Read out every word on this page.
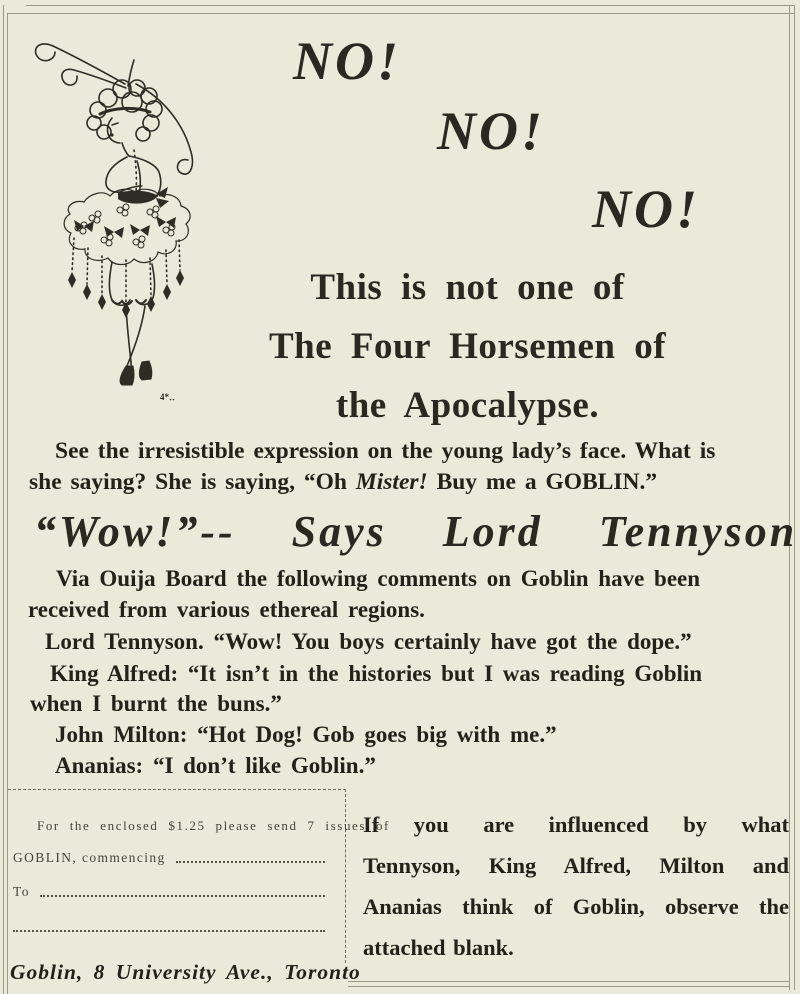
4*‥
NO!
NO!
NO!
This is not one of
The Four Horsemen of
the Apocalypse.
See the irresistible expression on the young lady’s face. What is
she saying? She is saying, “Oh Mister! Buy me a GOBLIN.”
“Wow!”-- Says Lord Tennyson
Via Ouija Board the following comments on Goblin have been
received from various ethereal regions.
Lord Tennyson. “Wow! You boys certainly have got the dope.”
King Alfred: “It isn’t in the histories but I was reading Goblin
when I burnt the buns.”
John Milton: “Hot Dog! Gob goes big with me.”
Ananias: “I don’t like Goblin.”
For the enclosed $1.25 please send 7 issues of
GOBLIN, commencing
To
Goblin, 8 University Ave., Toronto
If you are influenced by what
Tennyson, King Alfred, Milton and
Ananias think of Goblin, observe the
attached blank.
